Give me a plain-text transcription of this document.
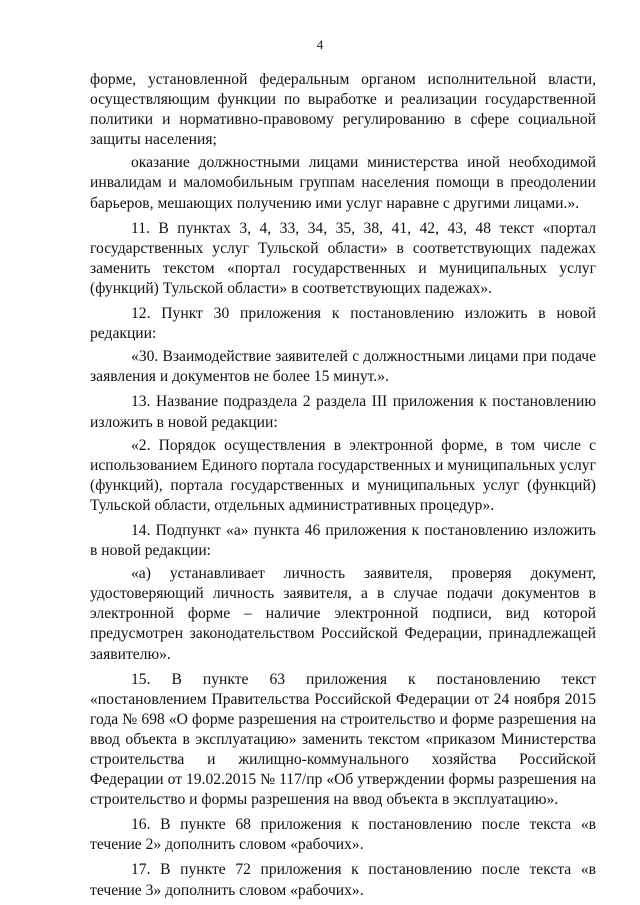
4

форме, установленной федеральным органом исполнительной власти, осуществляющим функции по выработке и реализации государственной политики и нормативно-правовому регулированию в сфере социальной защиты населения;

оказание должностными лицами министерства иной необходимой инвалидам и маломобильным группам населения помощи в преодолении барьеров, мешающих получению ими услуг наравне с другими лицами.».

11. В пунктах 3, 4, 33, 34, 35, 38, 41, 42, 43, 48 текст «портал государственных услуг Тульской области» в соответствующих падежах заменить текстом «портал государственных и муниципальных услуг (функций) Тульской области» в соответствующих падежах».

12. Пункт 30 приложения к постановлению изложить в новой редакции:

«30. Взаимодействие заявителей с должностными лицами при подаче заявления и документов не более 15 минут.».

13. Название подраздела 2 раздела III приложения к постановлению изложить в новой редакции:

«2. Порядок осуществления в электронной форме, в том числе с использованием Единого портала государственных и муниципальных услуг (функций), портала государственных и муниципальных услуг (функций) Тульской области, отдельных административных процедур».

14. Подпункт «а» пункта 46 приложения к постановлению изложить в новой редакции:

«а) устанавливает личность заявителя, проверяя документ, удостоверяющий личность заявителя, а в случае подачи документов в электронной форме – наличие электронной подписи, вид которой предусмотрен законодательством Российской Федерации, принадлежащей заявителю».

15. В пункте 63 приложения к постановлению текст «постановлением Правительства Российской Федерации от 24 ноября 2015 года № 698 «О форме разрешения на строительство и форме разрешения на ввод объекта в эксплуатацию» заменить текстом «приказом Министерства строительства и жилищно-коммунального хозяйства Российской Федерации от 19.02.2015 № 117/пр «Об утверждении формы разрешения на строительство и формы разрешения на ввод объекта в эксплуатацию».

16. В пункте 68 приложения к постановлению после текста «в течение 2» дополнить словом «рабочих».

17. В пункте 72 приложения к постановлению после текста «в течение 3» дополнить словом «рабочих».
